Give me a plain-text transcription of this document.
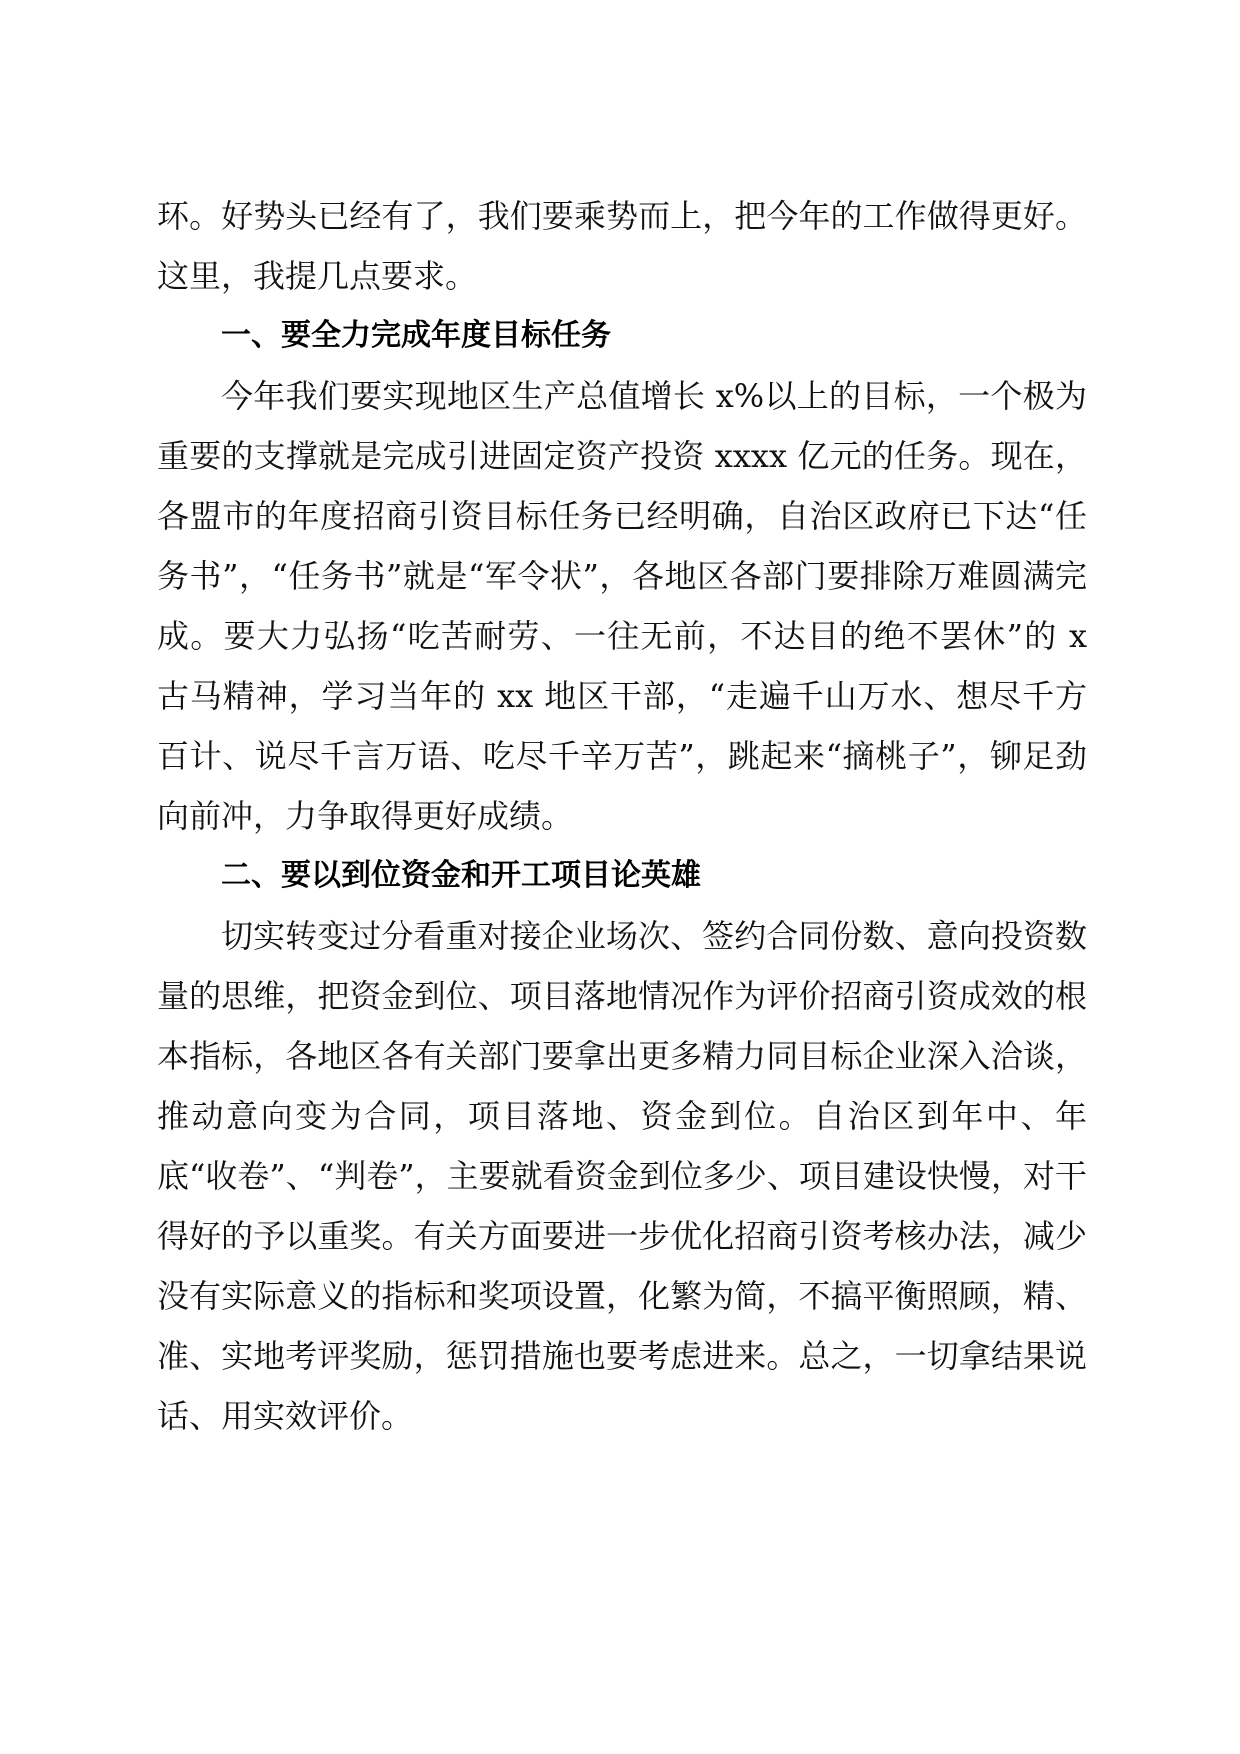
环。好势头已经有了，我们要乘势而上，把今年的工作做得更好。这里，我提几点要求。

一、要全力完成年度目标任务

今年我们要实现地区生产总值增长 x%以上的目标，一个极为重要的支撑就是完成引进固定资产投资 xxxx 亿元的任务。现在，各盟市的年度招商引资目标任务已经明确，自治区政府已下达“任务书”，“任务书”就是“军令状”，各地区各部门要排除万难圆满完成。要大力弘扬“吃苦耐劳、一往无前，不达目的绝不罢休”的 x 古马精神，学习当年的 xx 地区干部，“走遍千山万水、想尽千方百计、说尽千言万语、吃尽千辛万苦”，跳起来“摘桃子”，铆足劲向前冲，力争取得更好成绩。

二、要以到位资金和开工项目论英雄

切实转变过分看重对接企业场次、签约合同份数、意向投资数量的思维，把资金到位、项目落地情况作为评价招商引资成效的根本指标，各地区各有关部门要拿出更多精力同目标企业深入洽谈，推动意向变为合同，项目落地、资金到位。自治区到年中、年底“收卷”、“判卷”，主要就看资金到位多少、项目建设快慢，对干得好的予以重奖。有关方面要进一步优化招商引资考核办法，减少没有实际意义的指标和奖项设置，化繁为简，不搞平衡照顾，精、准、实地考评奖励，惩罚措施也要考虑进来。总之，一切拿结果说话、用实效评价。
